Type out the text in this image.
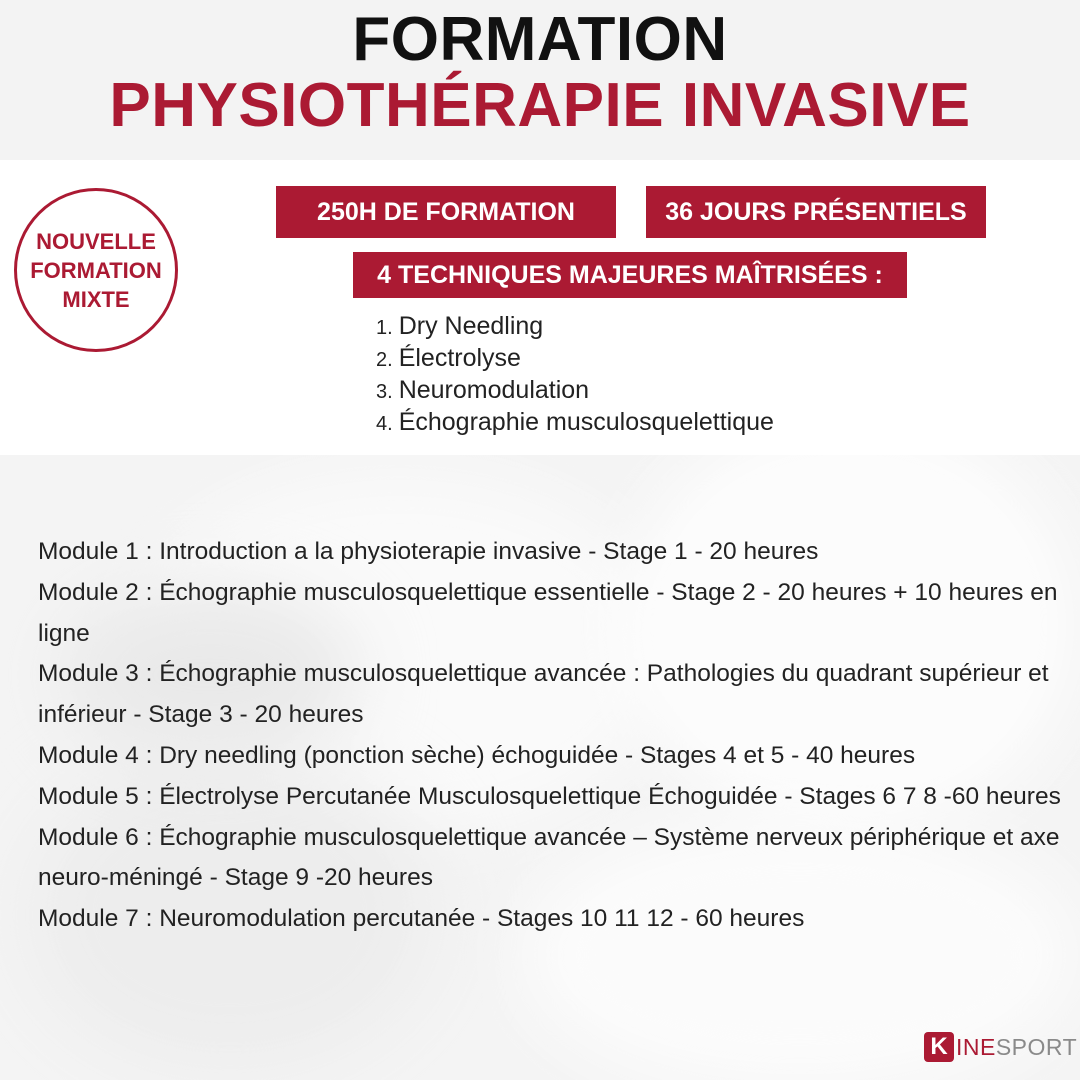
FORMATION
PHYSIOTHÉRAPIE INVASIVE
NOUVELLE
FORMATION
MIXTE
250H DE FORMATION	36 JOURS PRÉSENTIELS
4 TECHNIQUES MAJEURES MAÎTRISÉES :
1. Dry Needling
2. Électrolyse
3. Neuromodulation
4. Échographie musculosquelettique

Module 1 : Introduction a la physioterapie invasive - Stage 1 - 20 heures

Module 2 : Échographie musculosquelettique essentielle - Stage 2 - 20 heures + 10 heures en ligne

Module 3 : Échographie musculosquelettique avancée : Pathologies du quadrant supérieur et inférieur - Stage 3 - 20 heures

Module 4 : Dry needling (ponction sèche) échoguidée - Stages 4 et 5 - 40 heures

Module 5 : Électrolyse Percutanée Musculosquelettique Échoguidée - Stages 6 7 8 -60 heures

Module 6 : Échographie musculosquelettique avancée – Système nerveux périphérique et axe neuro-méningé - Stage 9 -20 heures

Module 7 : Neuromodulation percutanée - Stages 10 11 12 - 60 heures

K INE SPORT
